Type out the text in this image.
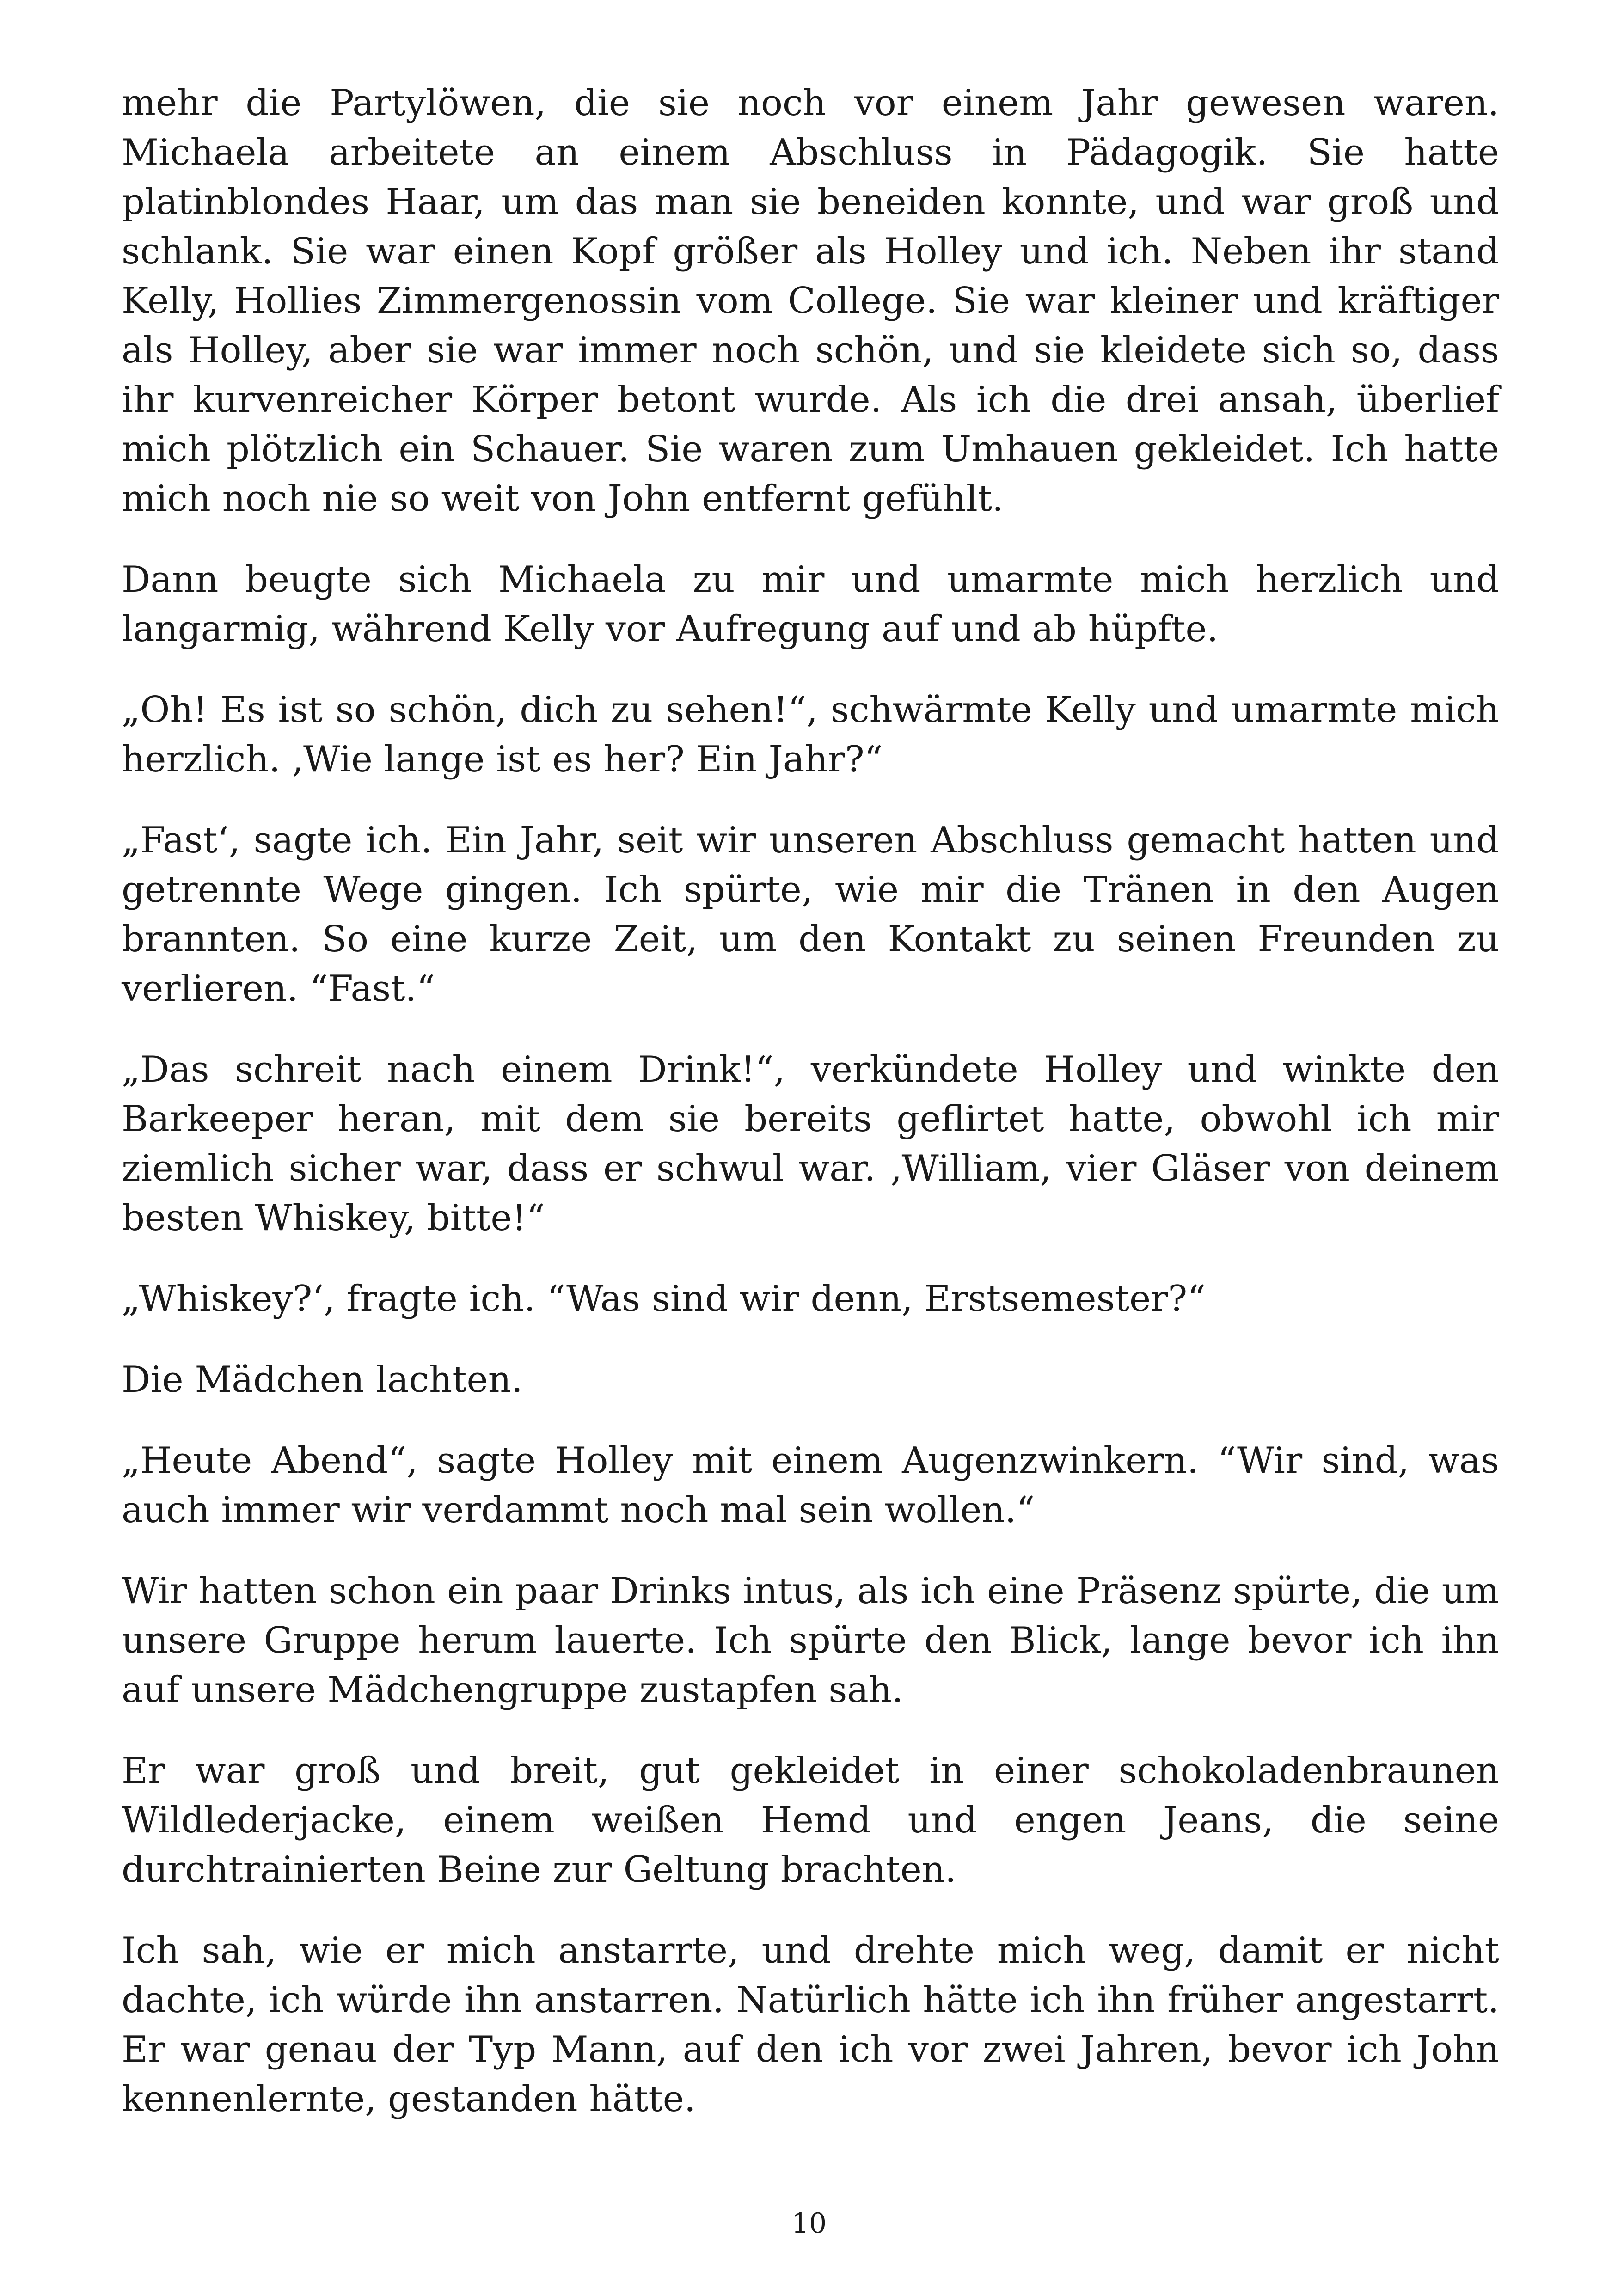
mehr die Partylöwen, die sie noch vor einem Jahr gewesen waren. Michaela arbeitete an einem Abschluss in Pädagogik. Sie hatte platinblondes Haar, um das man sie beneiden konnte, und war groß und schlank. Sie war einen Kopf größer als Holley und ich. Neben ihr stand Kelly, Hollies Zimmergenossin vom College. Sie war kleiner und kräftiger als Holley, aber sie war immer noch schön, und sie kleidete sich so, dass ihr kurvenreicher Körper betont wurde. Als ich die drei ansah, überlief mich plötzlich ein Schauer. Sie waren zum Umhauen gekleidet. Ich hatte mich noch nie so weit von John entfernt gefühlt.

Dann beugte sich Michaela zu mir und umarmte mich herzlich und langarmig, während Kelly vor Aufregung auf und ab hüpfte.

„Oh! Es ist so schön, dich zu sehen!“, schwärmte Kelly und umarmte mich herzlich. ‚Wie lange ist es her? Ein Jahr?“

„Fast‘, sagte ich. Ein Jahr, seit wir unseren Abschluss gemacht hatten und getrennte Wege gingen. Ich spürte, wie mir die Tränen in den Augen brannten. So eine kurze Zeit, um den Kontakt zu seinen Freunden zu verlieren. “Fast.“

„Das schreit nach einem Drink!“, verkündete Holley und winkte den Barkeeper heran, mit dem sie bereits geflirtet hatte, obwohl ich mir ziemlich sicher war, dass er schwul war. ‚William, vier Gläser von deinem besten Whiskey, bitte!“

„Whiskey?‘, fragte ich. “Was sind wir denn, Erstsemester?“

Die Mädchen lachten.

„Heute Abend“, sagte Holley mit einem Augenzwinkern. “Wir sind, was auch immer wir verdammt noch mal sein wollen.“

Wir hatten schon ein paar Drinks intus, als ich eine Präsenz spürte, die um unsere Gruppe herum lauerte. Ich spürte den Blick, lange bevor ich ihn auf unsere Mädchengruppe zustapfen sah.

Er war groß und breit, gut gekleidet in einer schokoladenbraunen Wildlederjacke, einem weißen Hemd und engen Jeans, die seine durchtrainierten Beine zur Geltung brachten.

Ich sah, wie er mich anstarrte, und drehte mich weg, damit er nicht dachte, ich würde ihn anstarren. Natürlich hätte ich ihn früher angestarrt. Er war genau der Typ Mann, auf den ich vor zwei Jahren, bevor ich John kennenlernte, gestanden hätte.

10
